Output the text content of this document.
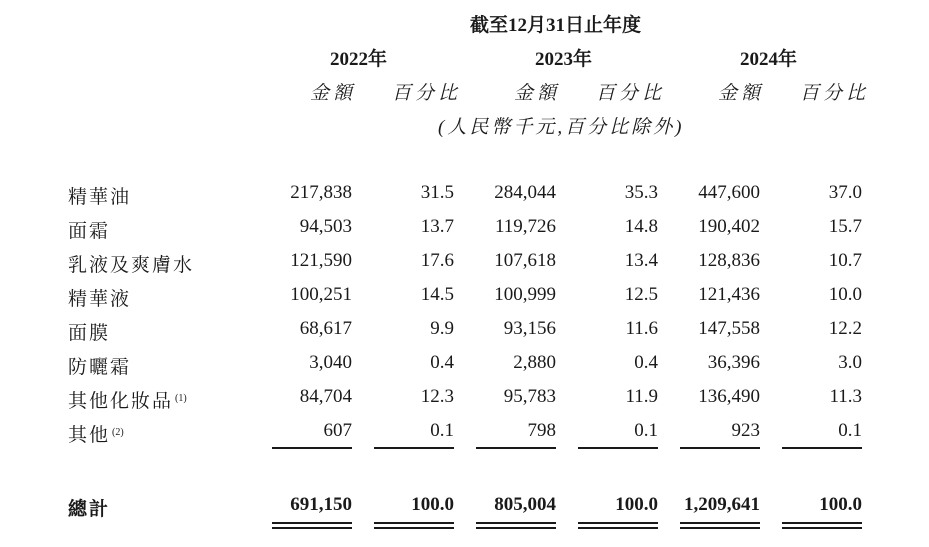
截至12月31日止年度
2022年	2023年	2024年
金額 百分比	金額 百分比	金額 百分比
(人民幣千元,百分比除外)
精華油	217,838	31.5 284,044	35.3 447,600	37.0
面霜	94,503	13.7 119,726	14.8 190,402	15.7
乳液及爽膚水	121,590	17.6 107,618	13.4 128,836	10.7
精華液	100,251	14.5 100,999	12.5 121,436	10.0
面膜	68,617	9.9	93,156	11.6 147,558	12.2
防曬霜	3,040	0.4	2,880	0.4	36,396	3.0
其他化妝品 $^{(1)}$	84,704	12.3	95,783	11.9 136,490	11.3
其他 $^{(2)}$	607	0.1	798	0.1	923	0.1
總計	691,150	100.0 805,004	100.0 1,209,641	100.0
